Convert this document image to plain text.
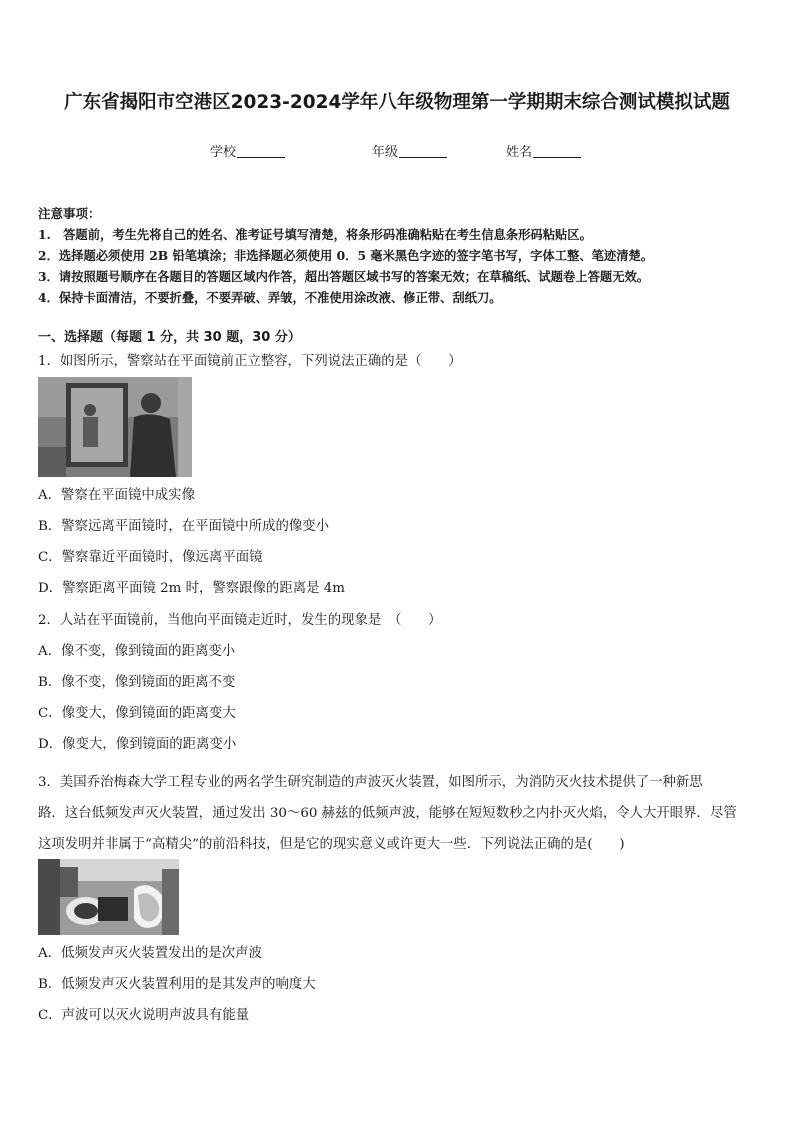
广东省揭阳市空港区2023-2024学年八年级物理第一学期期末综合测试模拟试题
学校	年级	姓名
注意事项：
1.　答题前，考生先将自己的姓名、准考证号填写清楚，将条形码准确粘贴在考生信息条形码粘贴区。
2．选择题必须使用 2B 铅笔填涂；非选择题必须使用 0．5 毫米黑色字迹的签字笔书写，字体工整、笔迹清楚。
3．请按照题号顺序在各题目的答题区域内作答，超出答题区域书写的答案无效；在草稿纸、试题卷上答题无效。
4．保持卡面清洁，不要折叠，不要弄破、弄皱，不准使用涂改液、修正带、刮纸刀。
一、选择题（每题 1 分，共 30 题，30 分）
1．如图所示，警察站在平面镜前正立整容，下列说法正确的是（　　）
A．警察在平面镜中成实像
B．警察远离平面镜时，在平面镜中所成的像变小
C．警察靠近平面镜时，像远离平面镜
D．警察距离平面镜 2m 时，警察跟像的距离是 4m
2．人站在平面镜前，当他向平面镜走近时，发生的现象是　（　　）
A．像不变，像到镜面的距离变小
B．像不变，像到镜面的距离不变
C．像变大，像到镜面的距离变大
D．像变大，像到镜面的距离变小
3．美国乔治梅森大学工程专业的两名学生研究制造的声波灭火装置，如图所示，为消防灭火技术提供了一种新思
路．这台低频发声灭火装置，通过发出 30～60 赫兹的低频声波，能够在短短数秒之内扑灭火焰，令人大开眼界．尽管
这项发明并非属于“高精尖”的前沿科技，但是它的现实意义或许更大一些．下列说法正确的是(　　)
A．低频发声灭火装置发出的是次声波
B．低频发声灭火装置利用的是其发声的响度大
C．声波可以灭火说明声波具有能量
